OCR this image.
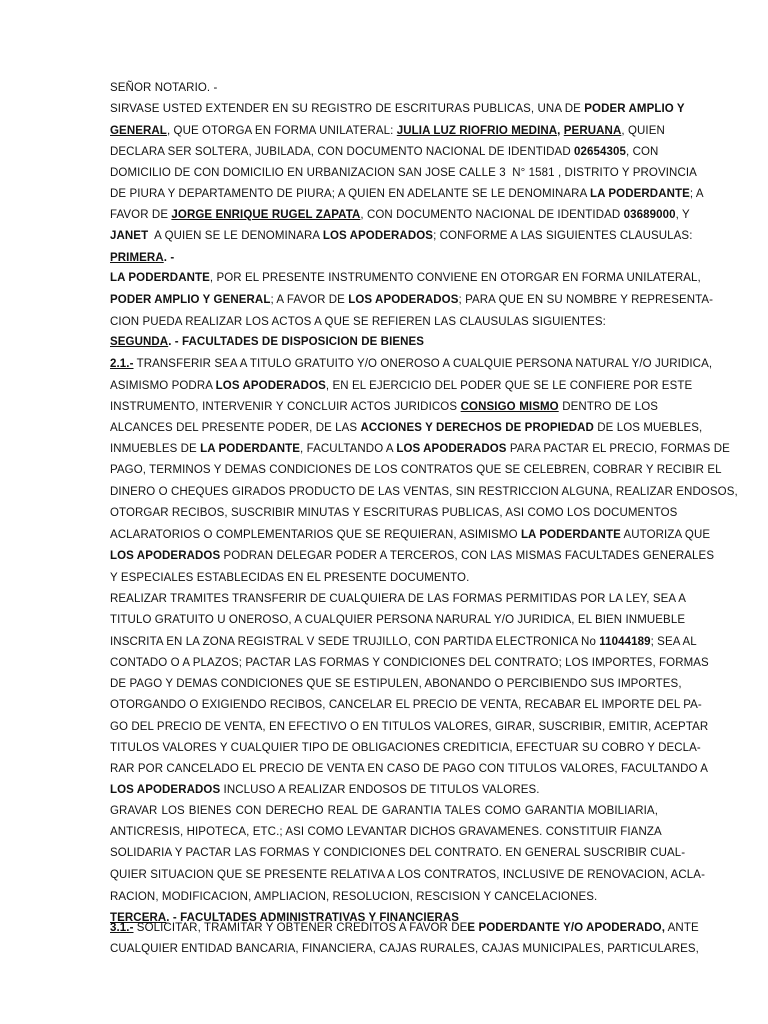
SEÑOR NOTARIO. -
SIRVASE USTED EXTENDER EN SU REGISTRO DE ESCRITURAS PUBLICAS, UNA DE PODER AMPLIO Y
GENERAL, QUE OTORGA EN FORMA UNILATERAL: JULIA LUZ RIOFRIO MEDINA, PERUANA, QUIEN
DECLARA SER SOLTERA, JUBILADA, CON DOCUMENTO NACIONAL DE IDENTIDAD 02654305, CON
DOMICILIO DE CON DOMICILIO EN URBANIZACION SAN JOSE CALLE 3  N° 1581 , DISTRITO Y PROVINCIA
DE PIURA Y DEPARTAMENTO DE PIURA; A QUIEN EN ADELANTE SE LE DENOMINARA LA PODERDANTE; A
FAVOR DE JORGE ENRIQUE RUGEL ZAPATA, CON DOCUMENTO NACIONAL DE IDENTIDAD 03689000, Y
JANET  A QUIEN SE LE DENOMINARA LOS APODERADOS; CONFORME A LAS SIGUIENTES CLAUSULAS:
PRIMERA. -
LA PODERDANTE, POR EL PRESENTE INSTRUMENTO CONVIENE EN OTORGAR EN FORMA UNILATERAL,
PODER AMPLIO Y GENERAL; A FAVOR DE LOS APODERADOS; PARA QUE EN SU NOMBRE Y REPRESENTA-
CION PUEDA REALIZAR LOS ACTOS A QUE SE REFIEREN LAS CLAUSULAS SIGUIENTES:
SEGUNDA. - FACULTADES DE DISPOSICION DE BIENES
2.1.- TRANSFERIR SEA A TITULO GRATUITO Y/O ONEROSO A CUALQUIE PERSONA NATURAL Y/O JURIDICA,
ASIMISMO PODRA LOS APODERADOS, EN EL EJERCICIO DEL PODER QUE SE LE CONFIERE POR ESTE
INSTRUMENTO, INTERVENIR Y CONCLUIR ACTOS JURIDICOS CONSIGO MISMO DENTRO DE LOS
ALCANCES DEL PRESENTE PODER, DE LAS ACCIONES Y DERECHOS DE PROPIEDAD DE LOS MUEBLES,
INMUEBLES DE LA PODERDANTE, FACULTANDO A LOS APODERADOS PARA PACTAR EL PRECIO, FORMAS DE
PAGO, TERMINOS Y DEMAS CONDICIONES DE LOS CONTRATOS QUE SE CELEBREN, COBRAR Y RECIBIR EL
DINERO O CHEQUES GIRADOS PRODUCTO DE LAS VENTAS, SIN RESTRICCION ALGUNA, REALIZAR ENDOSOS,
OTORGAR RECIBOS, SUSCRIBIR MINUTAS Y ESCRITURAS PUBLICAS, ASI COMO LOS DOCUMENTOS
ACLARATORIOS O COMPLEMENTARIOS QUE SE REQUIERAN, ASIMISMO LA PODERDANTE AUTORIZA QUE
LOS APODERADOS PODRAN DELEGAR PODER A TERCEROS, CON LAS MISMAS FACULTADES GENERALES
Y ESPECIALES ESTABLECIDAS EN EL PRESENTE DOCUMENTO.
REALIZAR TRAMITES TRANSFERIR DE CUALQUIERA DE LAS FORMAS PERMITIDAS POR LA LEY, SEA A
TITULO GRATUITO U ONEROSO, A CUALQUIER PERSONA NARURAL Y/O JURIDICA, EL BIEN INMUEBLE
INSCRITA EN LA ZONA REGISTRAL V SEDE TRUJILLO, CON PARTIDA ELECTRONICA No 11044189; SEA AL
CONTADO O A PLAZOS; PACTAR LAS FORMAS Y CONDICIONES DEL CONTRATO; LOS IMPORTES, FORMAS
DE PAGO Y DEMAS CONDICIONES QUE SE ESTIPULEN, ABONANDO O PERCIBIENDO SUS IMPORTES,
OTORGANDO O EXIGIENDO RECIBOS, CANCELAR EL PRECIO DE VENTA, RECABAR EL IMPORTE DEL PA-
GO DEL PRECIO DE VENTA, EN EFECTIVO O EN TITULOS VALORES, GIRAR, SUSCRIBIR, EMITIR, ACEPTAR
TITULOS VALORES Y CUALQUIER TIPO DE OBLIGACIONES CREDITICIA, EFECTUAR SU COBRO Y DECLA-
RAR POR CANCELADO EL PRECIO DE VENTA EN CASO DE PAGO CON TITULOS VALORES, FACULTANDO A
LOS APODERADOS INCLUSO A REALIZAR ENDOSOS DE TITULOS VALORES.
GRAVAR LOS BIENES CON DERECHO REAL DE GARANTIA TALES COMO GARANTIA MOBILIARIA,
ANTICRESIS, HIPOTECA, ETC.; ASI COMO LEVANTAR DICHOS GRAVAMENES. CONSTITUIR FIANZA
SOLIDARIA Y PACTAR LAS FORMAS Y CONDICIONES DEL CONTRATO. EN GENERAL SUSCRIBIR CUAL-
QUIER SITUACION QUE SE PRESENTE RELATIVA A LOS CONTRATOS, INCLUSIVE DE RENOVACION, ACLA-
RACION, MODIFICACION, AMPLIACION, RESOLUCION, RESCISION Y CANCELACIONES.
TERCERA. - FACULTADES ADMINISTRATIVAS Y FINANCIERAS
3.1.- SOLICITAR, TRAMITAR Y OBTENER CREDITOS A FAVOR DEE PODERDANTE Y/O APODERADO, ANTE
CUALQUIER ENTIDAD BANCARIA, FINANCIERA, CAJAS RURALES, CAJAS MUNICIPALES, PARTICULARES,
